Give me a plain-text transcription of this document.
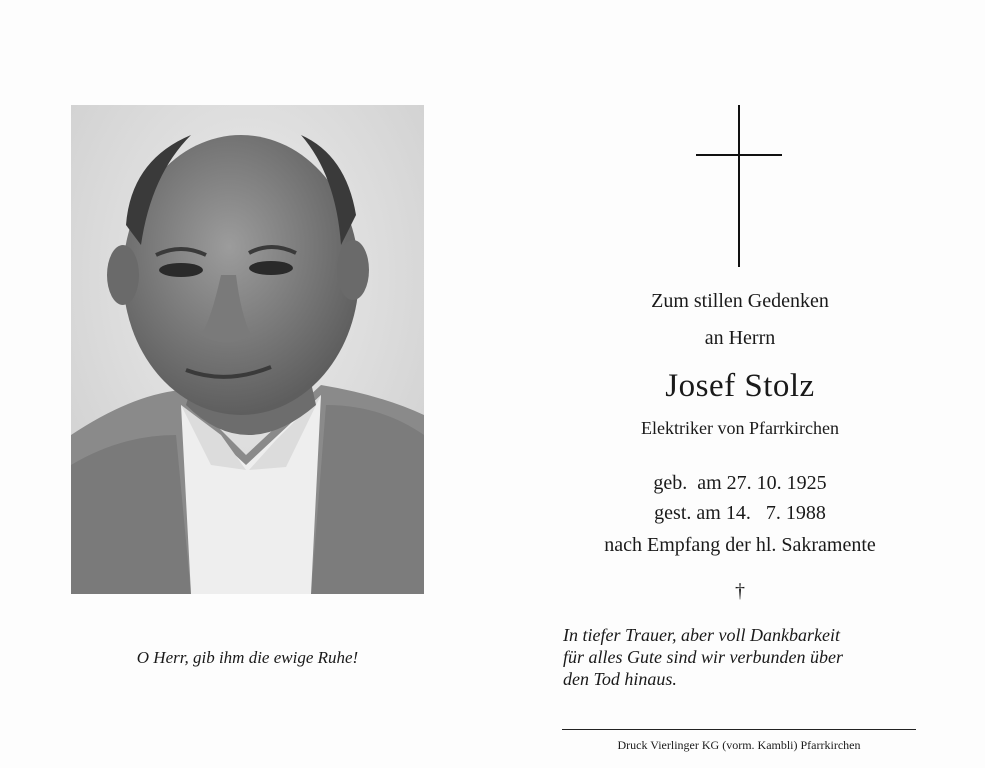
O Herr, gib ihm die ewige Ruhe!
Zum stillen Gedenken
an Herrn
Josef Stolz
Elektriker von Pfarrkirchen
geb.  am 27. 10. 1925
gest. am 14.   7. 1988
nach Empfang der hl. Sakramente
†
In tiefer Trauer, aber voll Dankbarkeit
für alles Gute sind wir verbunden über
den Tod hinaus.
Druck Vierlinger KG (vorm. Kambli) Pfarrkirchen
